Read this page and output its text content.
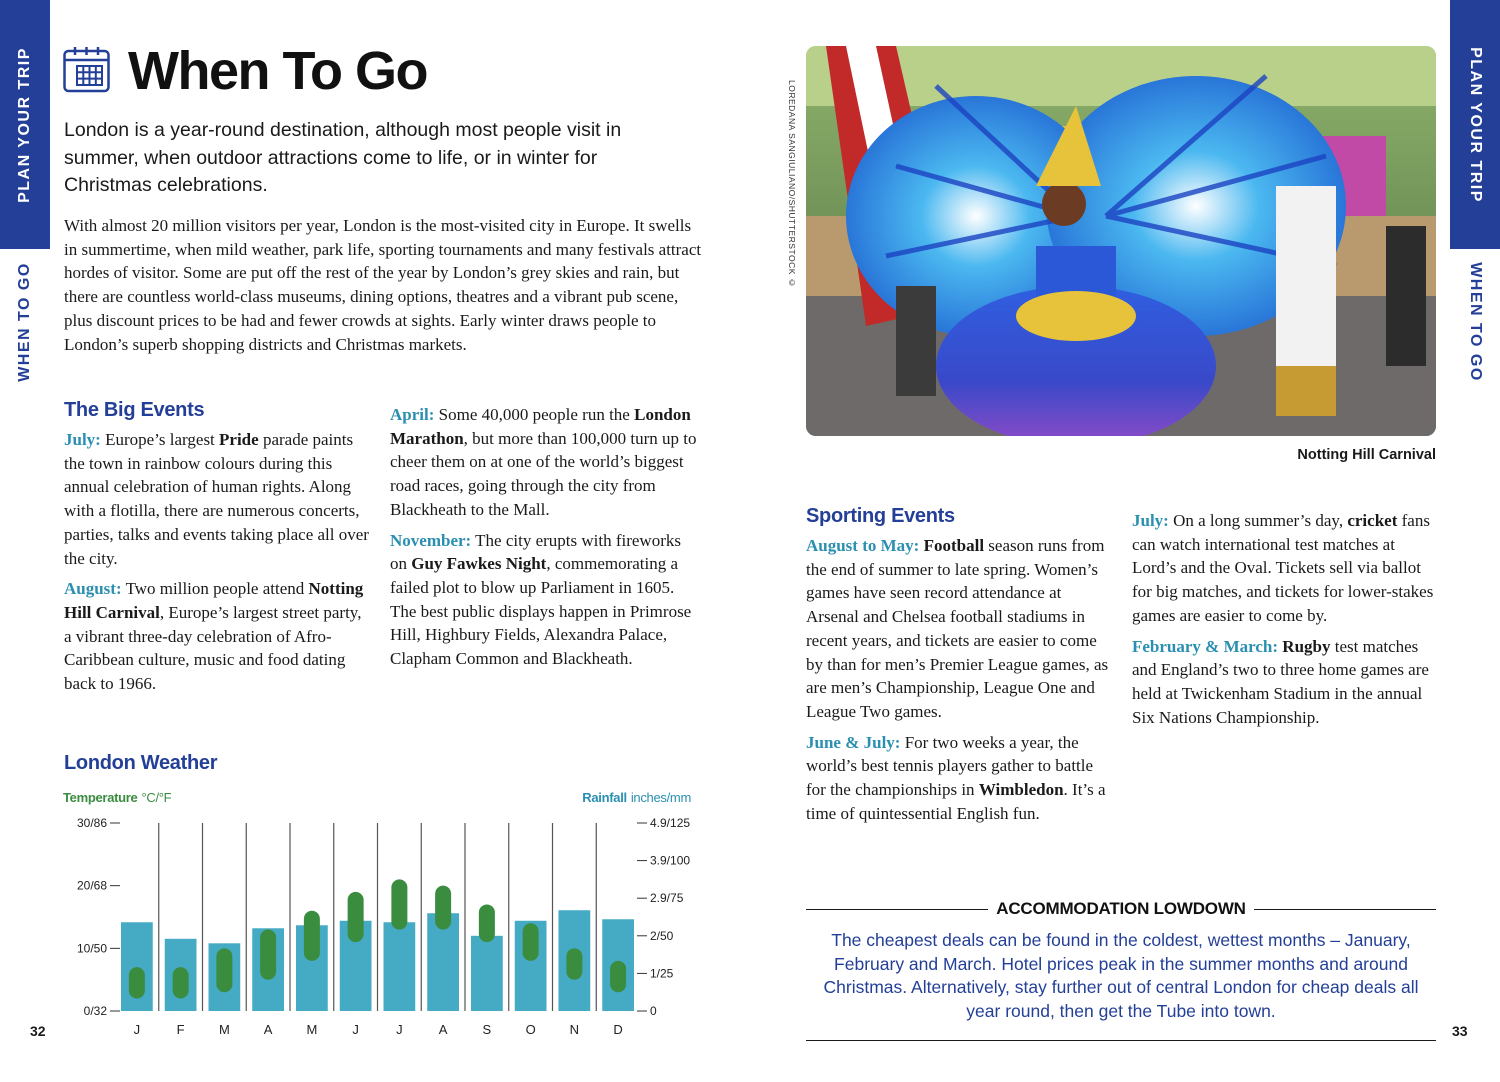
PLAN YOUR TRIP
WHEN TO GO
PLAN YOUR TRIP
WHEN TO GO
32	33
When To Go

London is a year-round destination, although most people visit in summer, when outdoor attractions come to life, or in winter for Christmas celebrations.

With almost 20 million visitors per year, London is the most-visited city in Europe. It swells in summertime, when mild weather, park life, sporting tournaments and many festivals attract hordes of visitor. Some are put off the rest of the year by London’s grey skies and rain, but there are countless world-class museums, dining options, theatres and a vibrant pub scene, plus discount prices to be had and fewer crowds at sights. Early winter draws people to London’s superb shopping districts and Christmas markets.

The Big Events

July: Europe’s largest Pride parade paints the town in rainbow colours during this annual celebration of human rights. Along with a flotilla, there are numerous concerts, parties, talks and events taking place all over the city.

August: Two million people attend Notting Hill Carnival, Europe’s largest street party, a vibrant three-day celebration of Afro-Caribbean culture, music and food dating back to 1966.

April: Some 40,000 people run the London Marathon, but more than 100,000 turn up to cheer them on at one of the world’s biggest road races, going through the city from Blackheath to the Mall.

November: The city erupts with fireworks on Guy Fawkes Night, commemorating a failed plot to blow up Parliament in 1605. The best public displays happen in Primrose Hill, Highbury Fields, Alexandra Palace, Clapham Common and Blackheath.

London Weather
Temperature °C/°F	Rainfall inches/mm
0/32
10/50
20/68
30/86
0
1/25
2/50
2.9/75
3.9/100
4.9/125
J	F	M	A	M	J	J	A	S	O	N	D
LOREDANA SANGIULIANO/SHUTTERSTOCK ©
Notting Hill Carnival
Sporting Events

August to May: Football season runs from the end of summer to late spring. Women’s games have seen record attendance at Arsenal and Chelsea football stadiums in recent years, and tickets are easier to come by than for men’s Premier League games, as are men’s Championship, League One and League Two games.

June & July: For two weeks a year, the world’s best tennis players gather to battle for the championships in Wimbledon. It’s a time of quintessential English fun.

July: On a long summer’s day, cricket fans can watch international test matches at Lord’s and the Oval. Tickets sell via ballot for big matches, and tickets for lower-stakes games are easier to come by.

February & March: Rugby test matches and England’s two to three home games are held at Twickenham Stadium in the annual Six Nations Championship.

ACCOMMODATION LOWDOWN

The cheapest deals can be found in the coldest, wettest months – January, February and March. Hotel prices peak in the summer months and around Christmas. Alternatively, stay further out of central London for cheap deals all year round, then get the Tube into town.
